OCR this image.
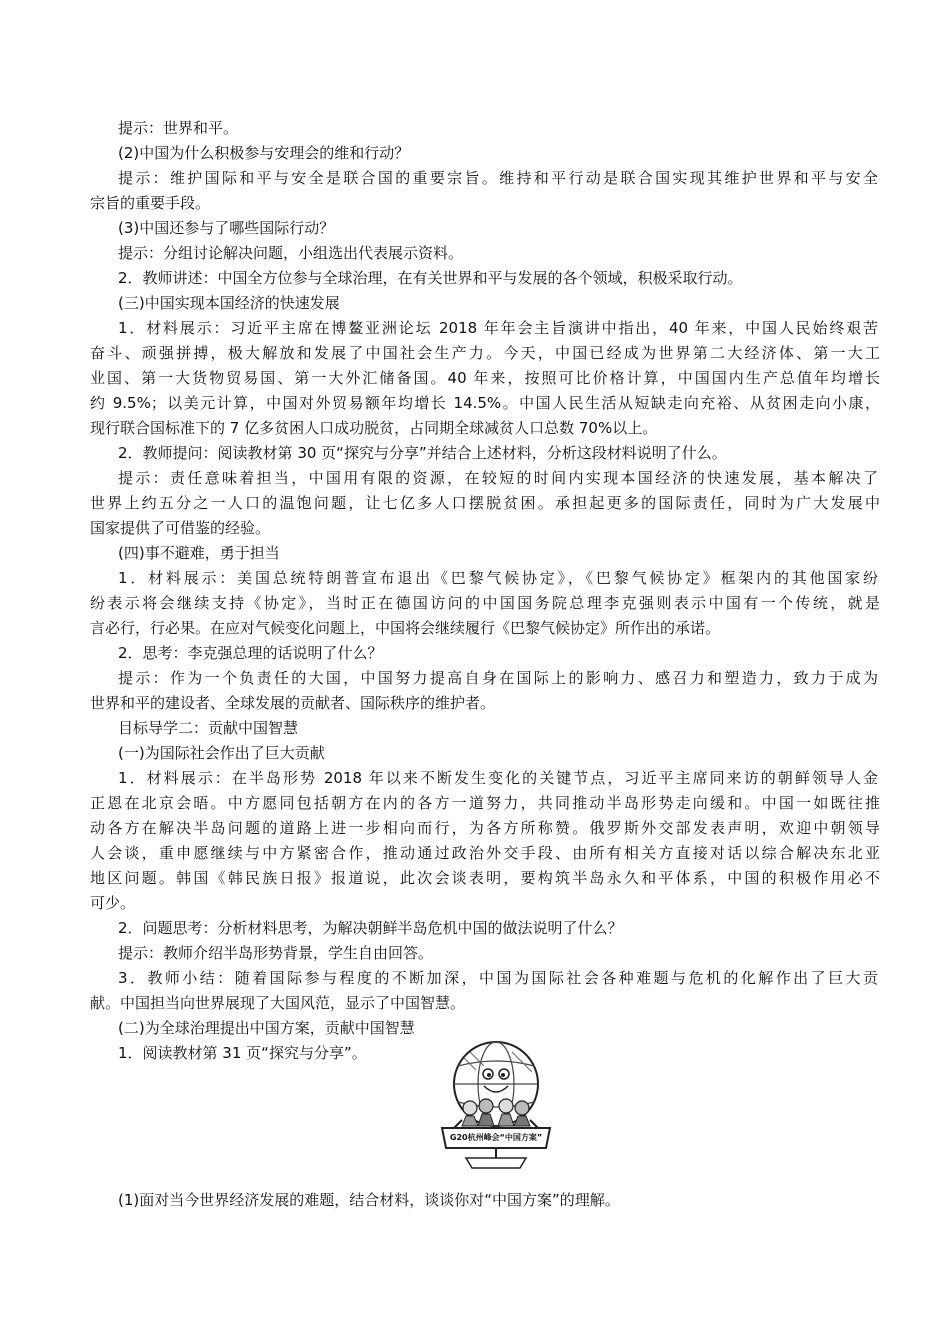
提示：世界和平。
(2)中国为什么积极参与安理会的维和行动？
提示：维护国际和平与安全是联合国的重要宗旨。维持和平行动是联合国实现其维护世界和平与安全
宗旨的重要手段。
(3)中国还参与了哪些国际行动？
提示：分组讨论解决问题，小组选出代表展示资料。
2．教师讲述：中国全方位参与全球治理，在有关世界和平与发展的各个领域，积极采取行动。
(三)中国实现本国经济的快速发展
1．材料展示：习近平主席在博鳌亚洲论坛 2018 年年会主旨演讲中指出，40 年来，中国人民始终艰苦
奋斗、顽强拼搏，极大解放和发展了中国社会生产力。今天，中国已经成为世界第二大经济体、第一大工
业国、第一大货物贸易国、第一大外汇储备国。40 年来，按照可比价格计算，中国国内生产总值年均增长
约 9.5%；以美元计算，中国对外贸易额年均增长 14.5%。中国人民生活从短缺走向充裕、从贫困走向小康，
现行联合国标准下的 7 亿多贫困人口成功脱贫，占同期全球减贫人口总数 70%以上。
2．教师提问：阅读教材第 30 页“探究与分享”并结合上述材料，分析这段材料说明了什么。
提示：责任意味着担当，中国用有限的资源，在较短的时间内实现本国经济的快速发展，基本解决了
世界上约五分之一人口的温饱问题，让七亿多人口摆脱贫困。承担起更多的国际责任，同时为广大发展中
国家提供了可借鉴的经验。
(四)事不避难，勇于担当
1．材料展示：美国总统特朗普宣布退出《巴黎气候协定》，《巴黎气候协定》框架内的其他国家纷
纷表示将会继续支持《协定》，当时正在德国访问的中国国务院总理李克强则表示中国有一个传统，就是
言必行，行必果。在应对气候变化问题上，中国将会继续履行《巴黎气候协定》所作出的承诺。
2．思考：李克强总理的话说明了什么？
提示：作为一个负责任的大国，中国努力提高自身在国际上的影响力、感召力和塑造力，致力于成为
世界和平的建设者、全球发展的贡献者、国际秩序的维护者。
目标导学二：贡献中国智慧
(一)为国际社会作出了巨大贡献
1．材料展示：在半岛形势 2018 年以来不断发生变化的关键节点，习近平主席同来访的朝鲜领导人金
正恩在北京会晤。中方愿同包括朝方在内的各方一道努力，共同推动半岛形势走向缓和。中国一如既往推
动各方在解决半岛问题的道路上进一步相向而行，为各方所称赞。俄罗斯外交部发表声明，欢迎中朝领导
人会谈，重申愿继续与中方紧密合作，推动通过政治外交手段、由所有相关方直接对话以综合解决东北亚
地区问题。韩国《韩民族日报》报道说，此次会谈表明，要构筑半岛永久和平体系，中国的积极作用必不
可少。
2．问题思考：分析材料思考，为解决朝鲜半岛危机中国的做法说明了什么？
提示：教师介绍半岛形势背景，学生自由回答。
3．教师小结：随着国际参与程度的不断加深，中国为国际社会各种难题与危机的化解作出了巨大贡
献。中国担当向世界展现了大国风范，显示了中国智慧。
(二)为全球治理提出中国方案，贡献中国智慧
1．阅读教材第 31 页“探究与分享”。
G20杭州峰会“中国方案”
(1)面对当今世界经济发展的难题，结合材料，谈谈你对“中国方案”的理解。
